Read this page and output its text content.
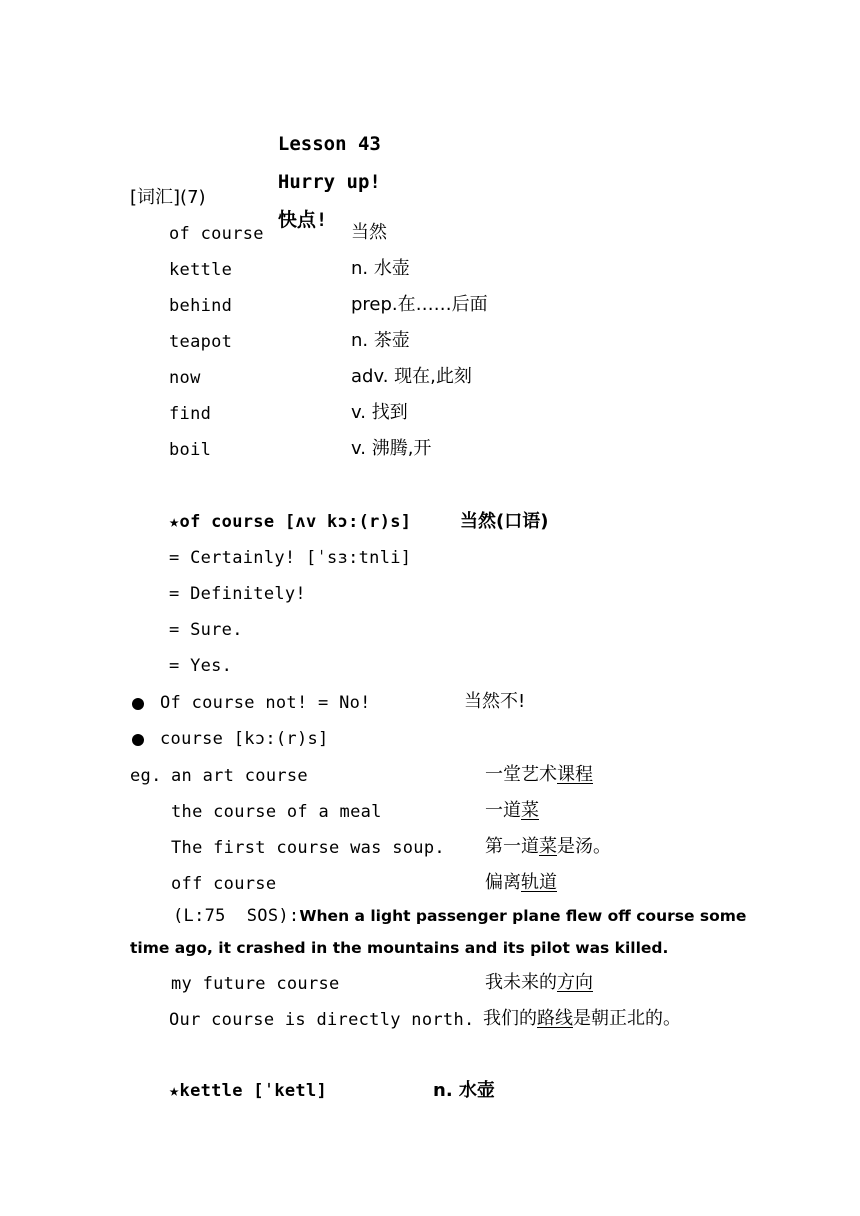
Lesson 43

Hurry up!

快点!

[词汇](7)
of course	当然
kettle	n. 水壶
behind	prep.在……后面
teapot	n. 茶壶
now	adv. 现在,此刻
find	v. 找到
boil	v. 沸腾,开
★of course [ʌv kɔ:(r)s]	当然(口语)
= Certainly! [ˈsɜ:tnli]
= Definitely!
= Sure.
= Yes.
Of course not! = No!	当然不!
course [kɔ:(r)s]
eg. an art course	一堂艺术课程
the course of a meal	一道菜
The first course was soup. 第一道菜是汤。
off course	偏离轨道
(L:75  SOS):When a light passenger plane flew off course some
time ago, it crashed in the mountains and its pilot was killed.
my future course	我未来的方向
Our course is directly north. 我们的路线是朝正北的。
★kettle [ˈketl]	n. 水壶
